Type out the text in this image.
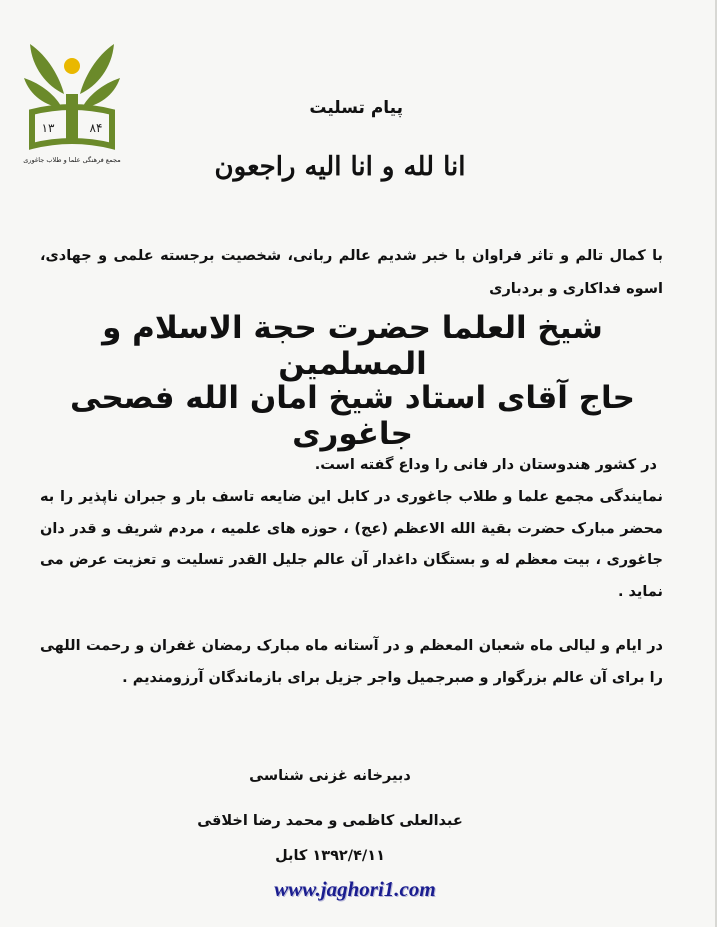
۱۳	۸۴
مجمع فرهنگی علما و طلاب جاغوری
پیام تسلیت
انا لله و انا الیه راجعون
با کمال تالم و تاثر فراوان با خبر شدیم عالم ربانی، شخصیت برجسته علمی و جهادی، اسوه فداکاری و بردباری
شیخ العلما حضرت حجة الاسلام و المسلمین
حاج آقای استاد شیخ امان الله فصحی جاغوری
در کشور هندوستان دار فانی را وداع گفته است.
نمایندگی مجمع علما و طلاب جاغوری در کابل این ضایعه تاسف بار و جبران ناپذیر را به محضر مبارک حضرت بقیة الله الاعظم (عج) ، حوزه های علمیه ، مردم شریف و قدر دان جاغوری ، بیت معظم له و بستگان داغدار آن عالم جلیل القدر تسلیت و تعزیت عرض می نماید .
در ایام و لیالی ماه شعبان المعظم و در آستانه ماه مبارک رمضان غفران و رحمت اللهی را برای آن عالم بزرگوار و صبرجمیل واجر جزیل برای بازماندگان آرزومندیم .
دبیرخانه غزنی شناسی
عبدالعلی کاظمی و محمد رضا اخلاقی
۱۳۹۲/۴/۱۱ کابل
www.jaghori1.com
